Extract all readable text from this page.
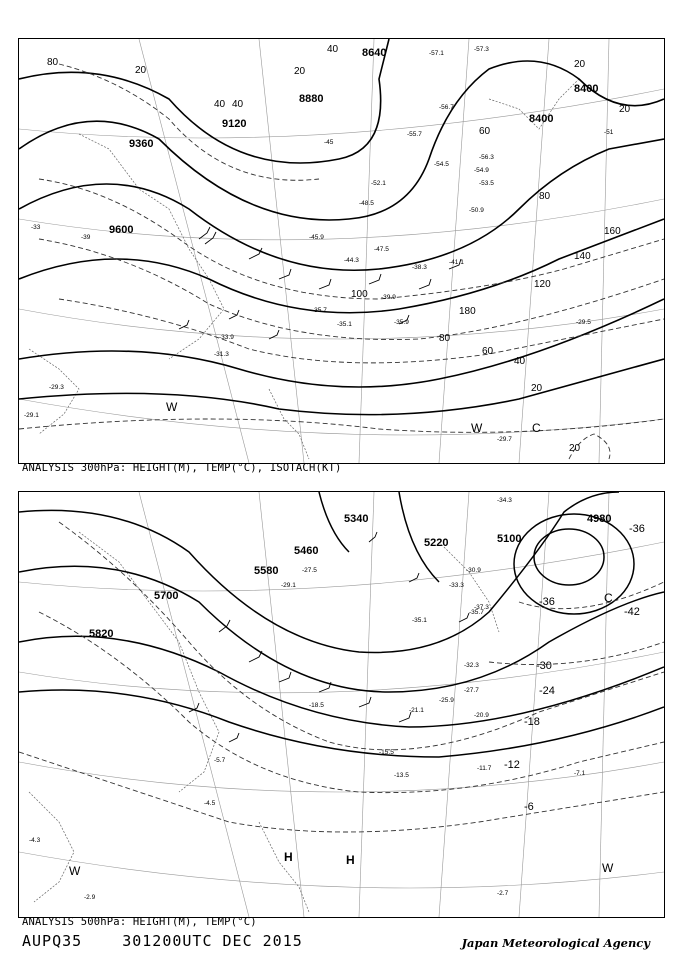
8640
8880
9120
9360
9600
8400
8400
80
20
40
20
40
20
20
60
80
100
120
140
160
180
80
60
40
20
20
40
-57.1
-57.3
-56.7
-55.7
-54.5
-56.3
-54.9
-53.5
-52.1
-50.9
-48.5
-47.5
-45.9
-44.3	-41.1
-39.9
-38.3
-35.7
-35.1	-35.9
-33.9
-31.3
-29.7
-29.1
-29.3
-29.5
-45
-51
-39
-33
W
W	C
ANALYSIS 300hPa: HEIGHT(M), TEMP(°C), ISOTACH(KT)
5340
5220	5100
4980
5460
5580
5700
5820
-36
-36
-42
-30
-24
-18
-12
-6
-34.3
-37.3
-35.1
-30.9
-33.3
-35.7
-27.5
-29.1
-21.1
-20.9
-18.5
-15.5
-13.5
-11.7
-7.1
-5.7
-4.3
-4.5
-2.9
-2.7
-32.3
-27.7
-25.9
C
H	H
W	W
ANALYSIS 500hPa: HEIGHT(M), TEMP(°C)
AUPQ35	301200UTC DEC 2015	Japan Meteorological Agency
